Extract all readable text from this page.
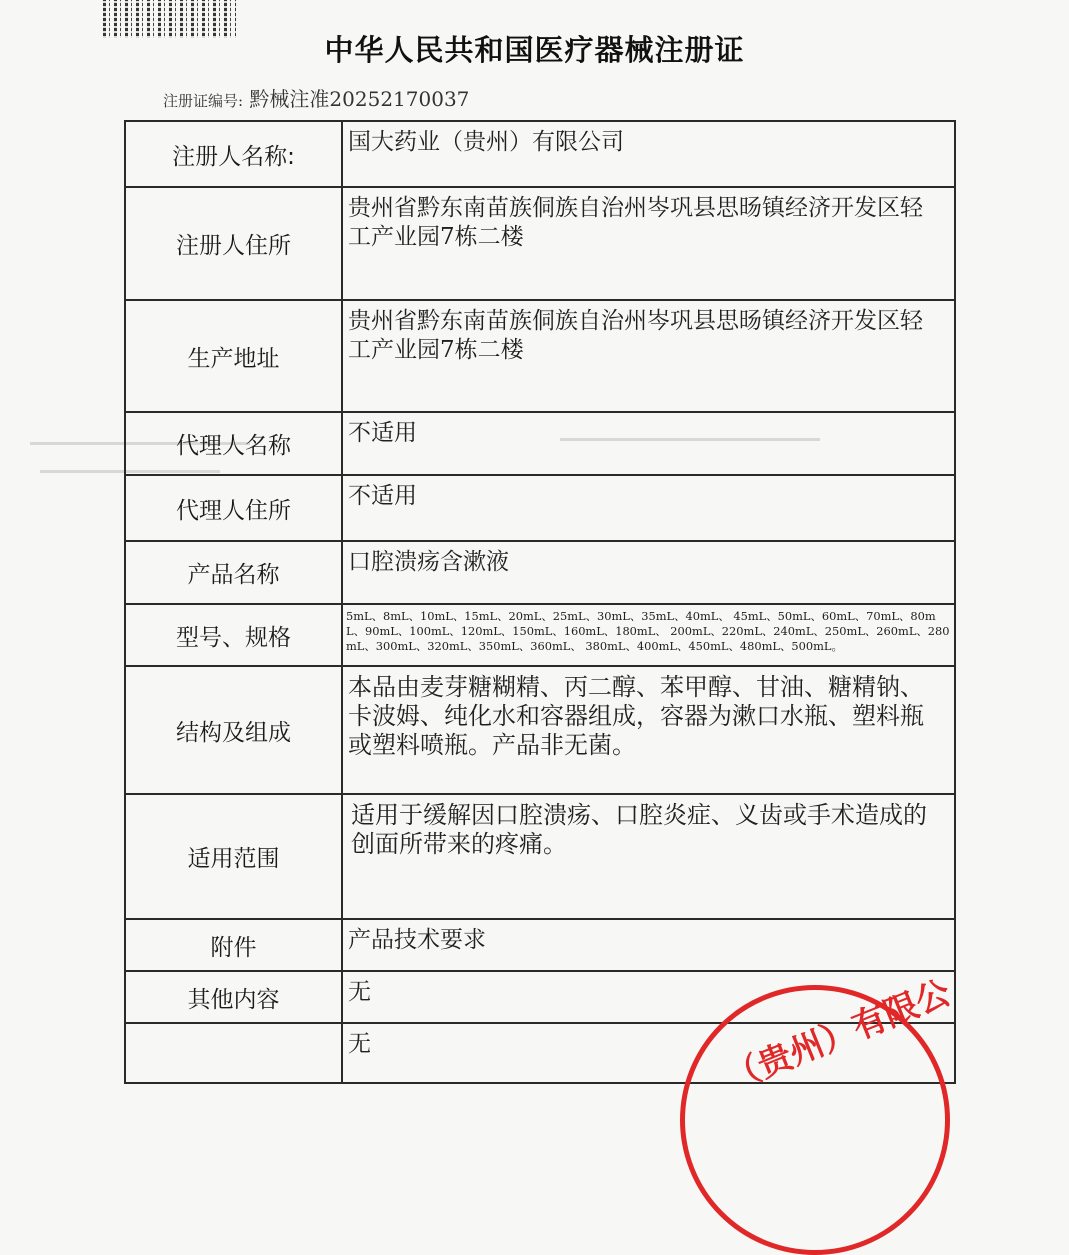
中华人民共和国医疗器械注册证
注册证编号: 黔械注准20252170037
注册人名称:	国大药业（贵州）有限公司
注册人住所	贵州省黔东南苗族侗族自治州岑巩县思旸镇经济开发区轻工产业园7栋二楼
生产地址	贵州省黔东南苗族侗族自治州岑巩县思旸镇经济开发区轻工产业园7栋二楼
代理人名称	不适用
代理人住所	不适用
产品名称	口腔溃疡含漱液
型号、规格	5mL、8mL、10mL、15mL、20mL、25mL、30mL、35mL、40mL、 45mL、50mL、60mL、70mL、80mL、90mL、100mL、120mL、150mL、160mL、180mL、 200mL、220mL、240mL、250mL、260mL、280mL、300mL、320mL、350mL、360mL、 380mL、400mL、450mL、480mL、500mL。
结构及组成	本品由麦芽糖糊精、丙二醇、苯甲醇、甘油、糖精钠、卡波姆、纯化水和容器组成，容器为漱口水瓶、塑料瓶或塑料喷瓶。产品非无菌。
适用范围	适用于缓解因口腔溃疡、口腔炎症、义齿或手术造成的创面所带来的疼痛。
附件	产品技术要求
其他内容	无
	无	（贵州）有限公
